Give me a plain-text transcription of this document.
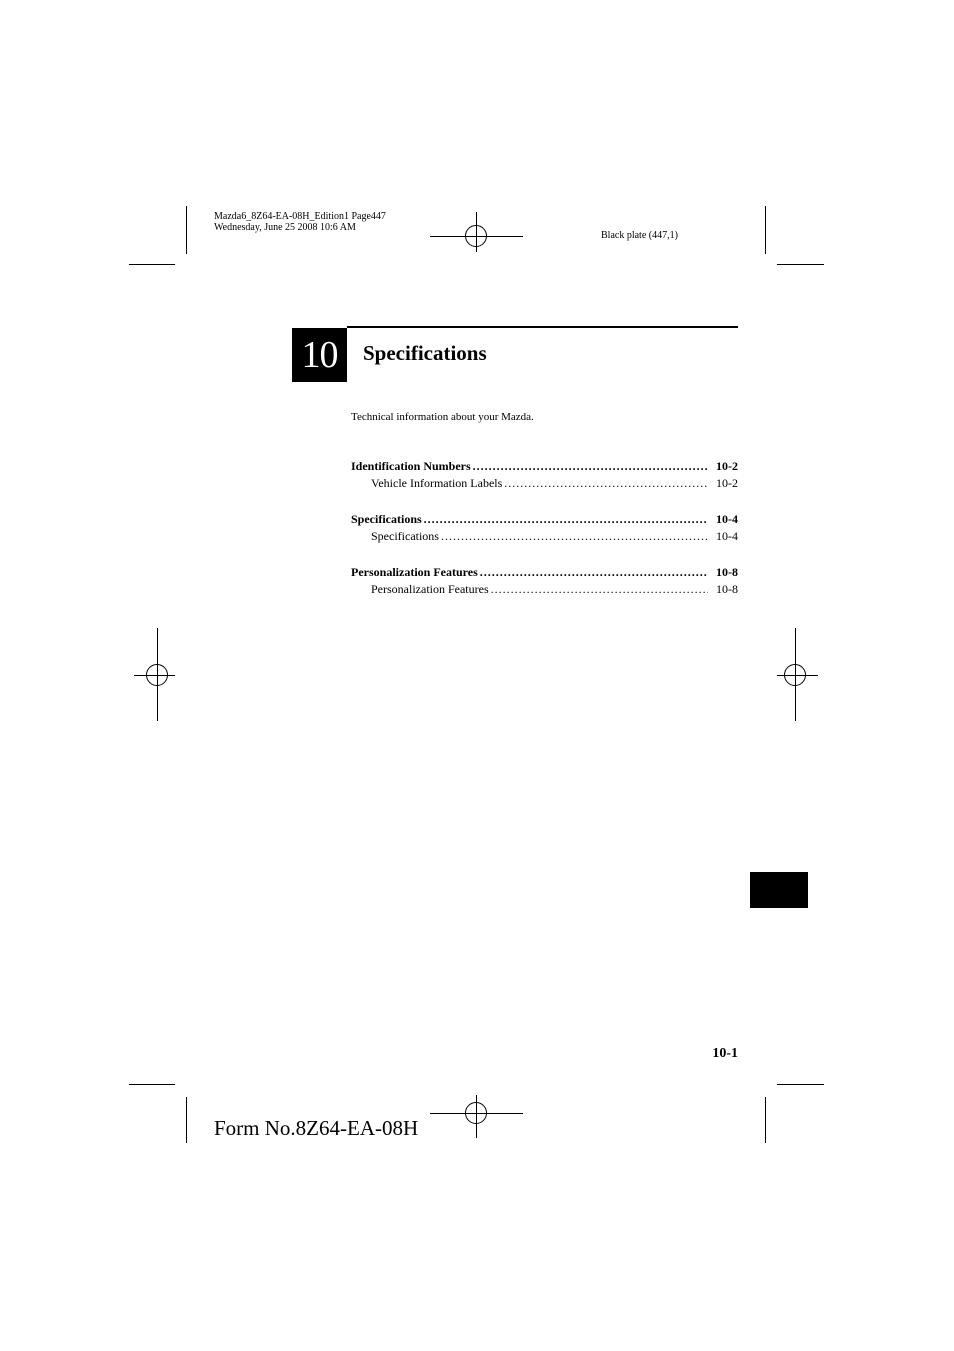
Mazda6_8Z64-EA-08H_Edition1 Page447
Wednesday, June 25 2008 10:6 AM
Black plate (447,1)
10	Specifications
Technical information about your Mazda.
Identification Numbers .....	10-2
Vehicle Information Labels .....	10-2
Specifications .....	10-4
Specifications .....	10-4
Personalization Features .....	10-8
Personalization Features .....	10-8
10-1
Form No.8Z64-EA-08H
